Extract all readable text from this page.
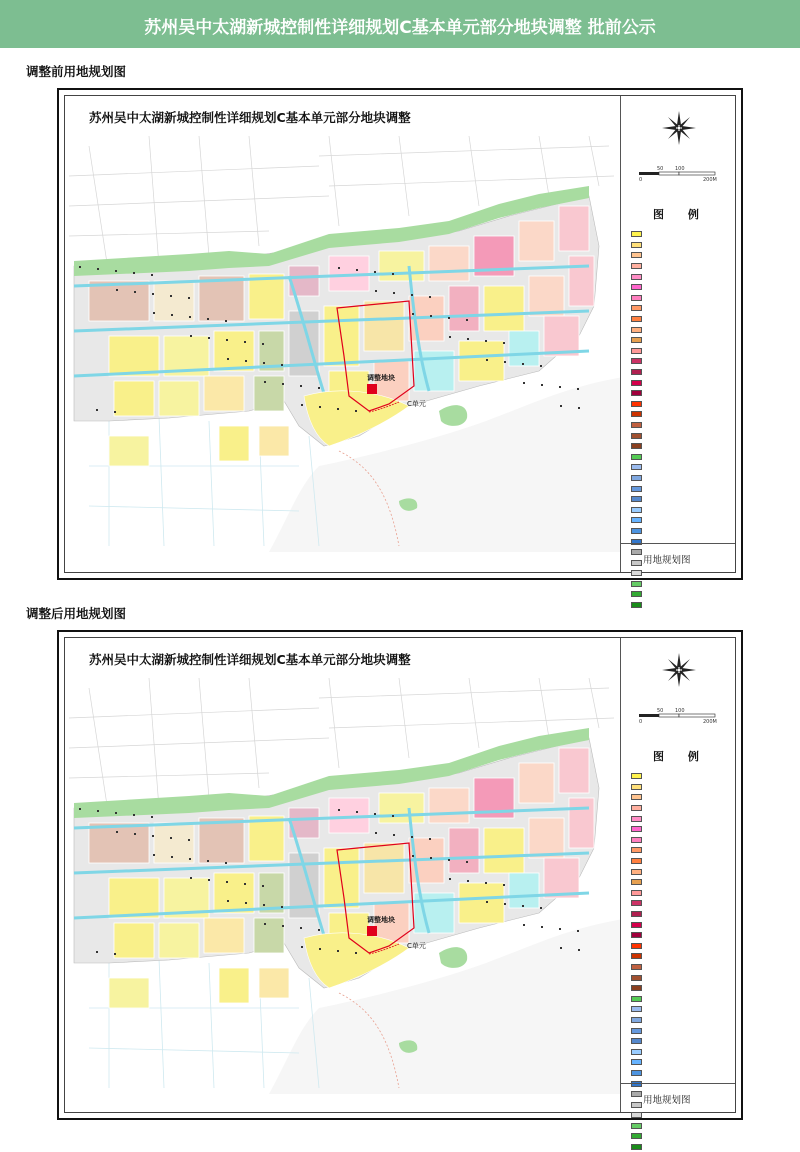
苏州吴中太湖新城控制性详细规划C基本单元部分地块调整 批前公示
调整前用地规划图
苏州吴中太湖新城控制性详细规划C基本单元部分地块调整
调整地块
C单元
0
50 100
200M
图 例
用地规划图
调整后用地规划图
苏州吴中太湖新城控制性详细规划C基本单元部分地块调整
调整地块
C单元
0
50 100
200M
图 例
用地规划图
